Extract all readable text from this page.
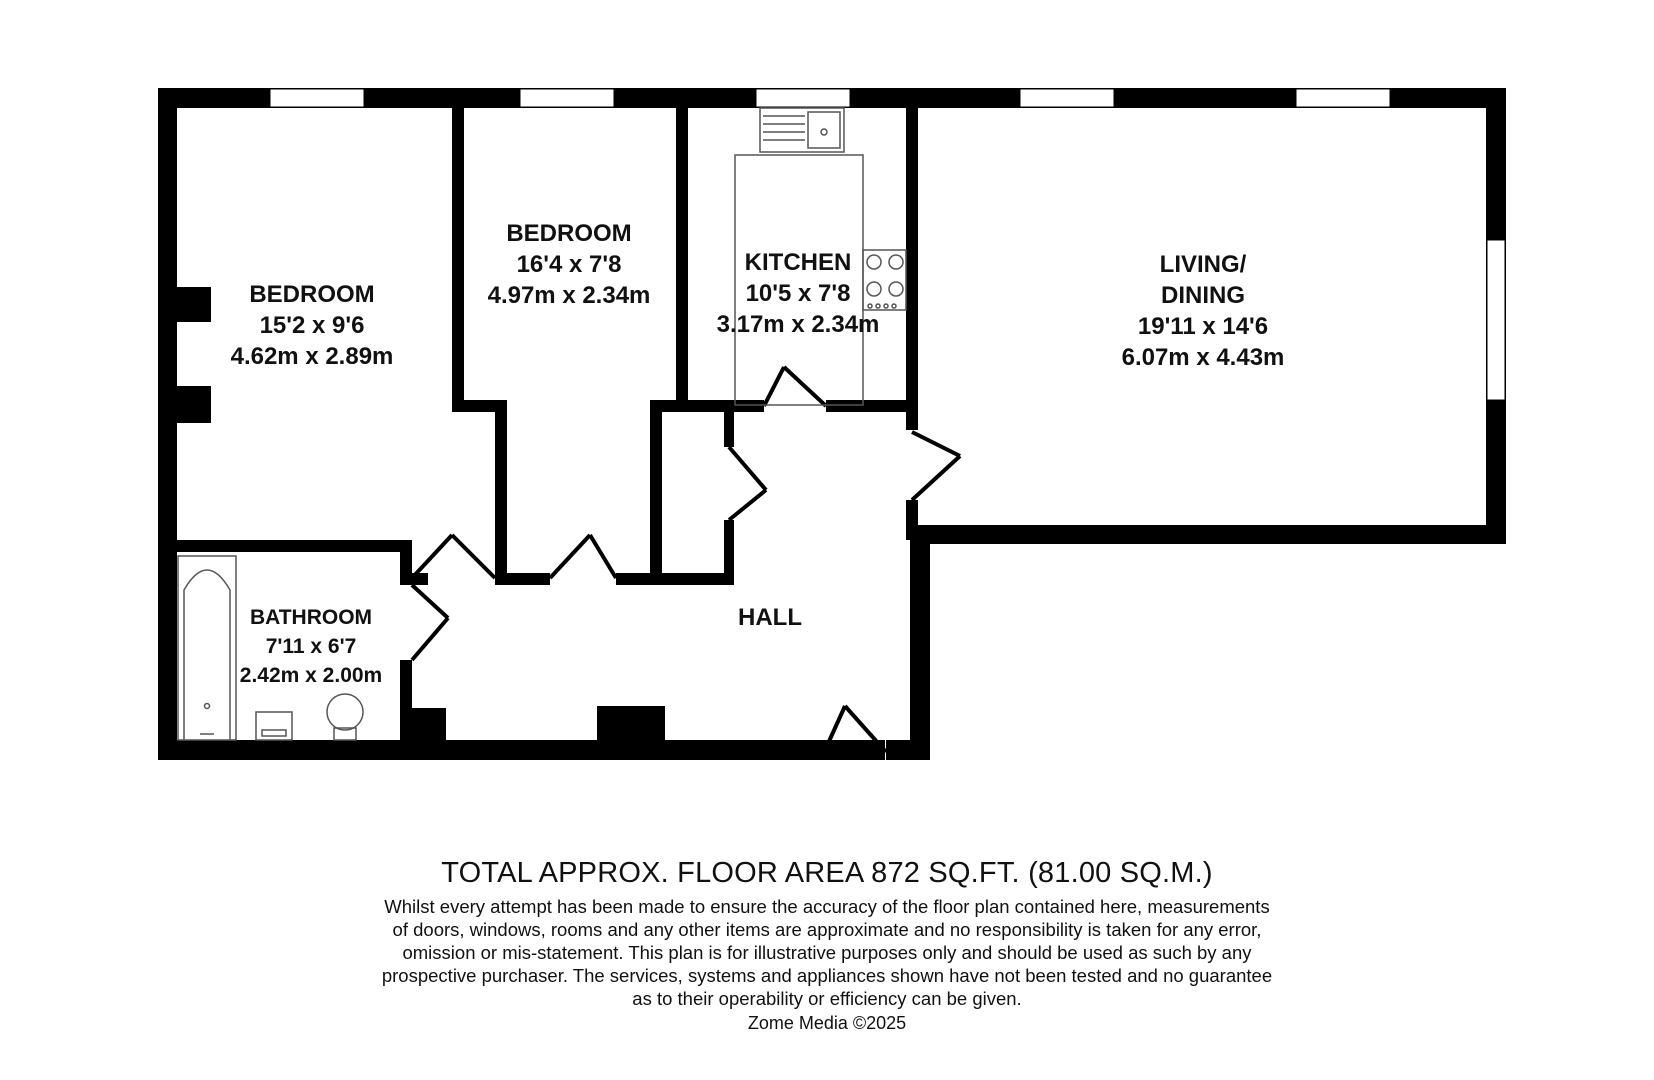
BEDROOM
15'2 x 9'6
4.62m x 2.89m
BEDROOM
16'4 x 7'8
4.97m x 2.34m
KITCHEN
10'5 x 7'8
3.17m x 2.34m
LIVING/
DINING
19'11 x 14'6
6.07m x 4.43m
BATHROOM
7'11 x 6'7
2.42m x 2.00m
HALL
TOTAL APPROX. FLOOR AREA 872 SQ.FT. (81.00 SQ.M.)
Whilst every attempt has been made to ensure the accuracy of the floor plan contained here, measurements
of doors, windows, rooms and any other items are approximate and no responsibility is taken for any error,
omission or mis-statement. This plan is for illustrative purposes only and should be used as such by any
prospective purchaser. The services, systems and appliances shown have not been tested and no guarantee
as to their operability or efficiency can be given.
Zome Media ©2025
